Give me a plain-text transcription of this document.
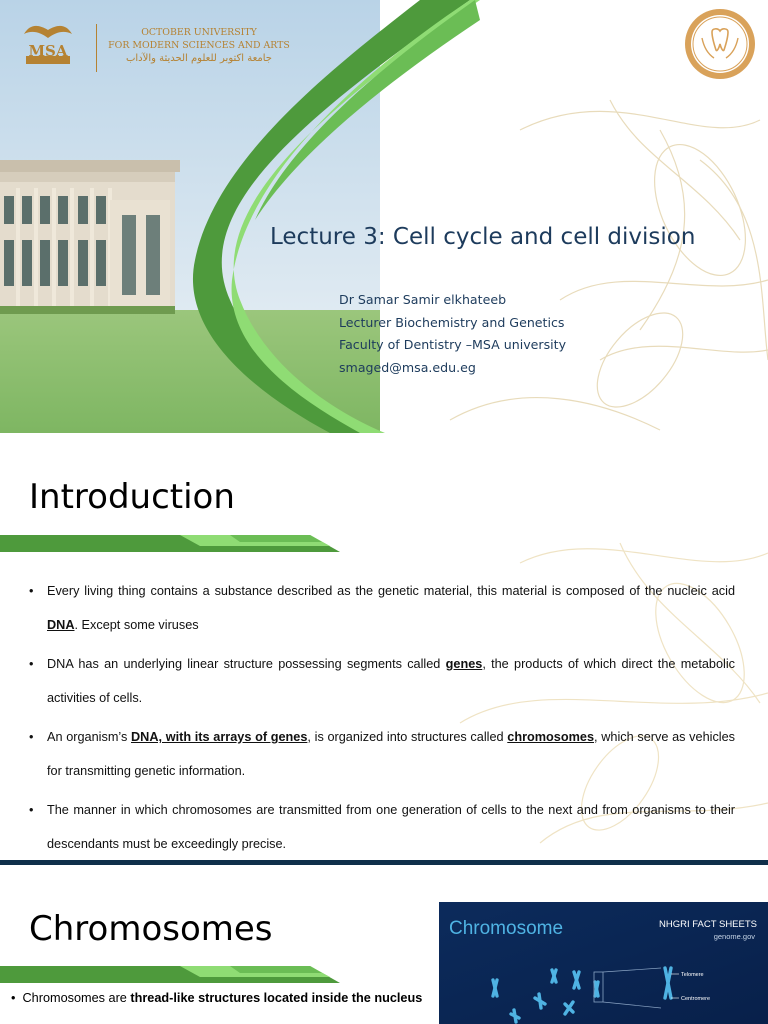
MSA
OCTOBER UNIVERSITY
FOR MODERN SCIENCES AND ARTS
جامعة اكتوبر للعلوم الحديثة والآداب
Lecture 3: Cell cycle and cell division
Dr Samar Samir elkhateeb
Lecturer Biochemistry and Genetics
Faculty of Dentistry –MSA university
smaged@msa.edu.eg
Introduction
• Every living thing contains a substance described as the genetic material, this material is composed of the nucleic acid DNA. Except some viruses
• DNA has an underlying linear structure possessing segments called genes, the products of which direct the metabolic activities of cells.
• An organism’s DNA, with its arrays of genes, is organized into structures called chromosomes, which serve as vehicles for transmitting genetic information.
• The manner in which chromosomes are transmitted from one generation of cells to the next and from organisms to their descendants must be exceedingly precise.
Chromosomes
•  Chromosomes are thread-like structures located inside the nucleus
Chromosome	NHGRI FACT SHEETS
genome.gov
Telomere
Centromere
